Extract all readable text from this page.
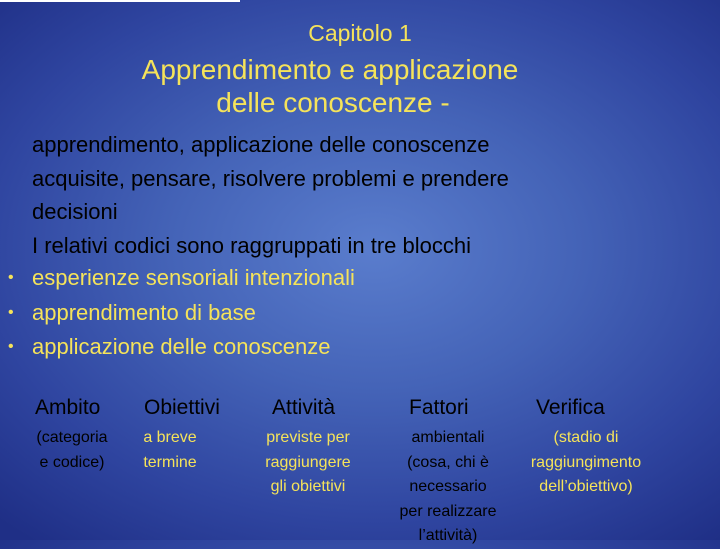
Capitolo 1
Apprendimento e applicazione
delle conoscenze -
apprendimento, applicazione delle conoscenze
acquisite, pensare, risolvere problemi e prendere
decisioni
I relativi codici sono raggruppati in tre blocchi
• esperienze sensoriali intenzionali
• apprendimento di base
• applicazione delle conoscenze
Ambito Obiettivi Attività	Fattori	Verifica
(categoria
e codice)
a breve
termine
previste per
raggiungere
gli obiettivi
ambientali
(cosa, chi è
necessario
per realizzare
l’attività)
(stadio di
raggiungimento
dell’obiettivo)
